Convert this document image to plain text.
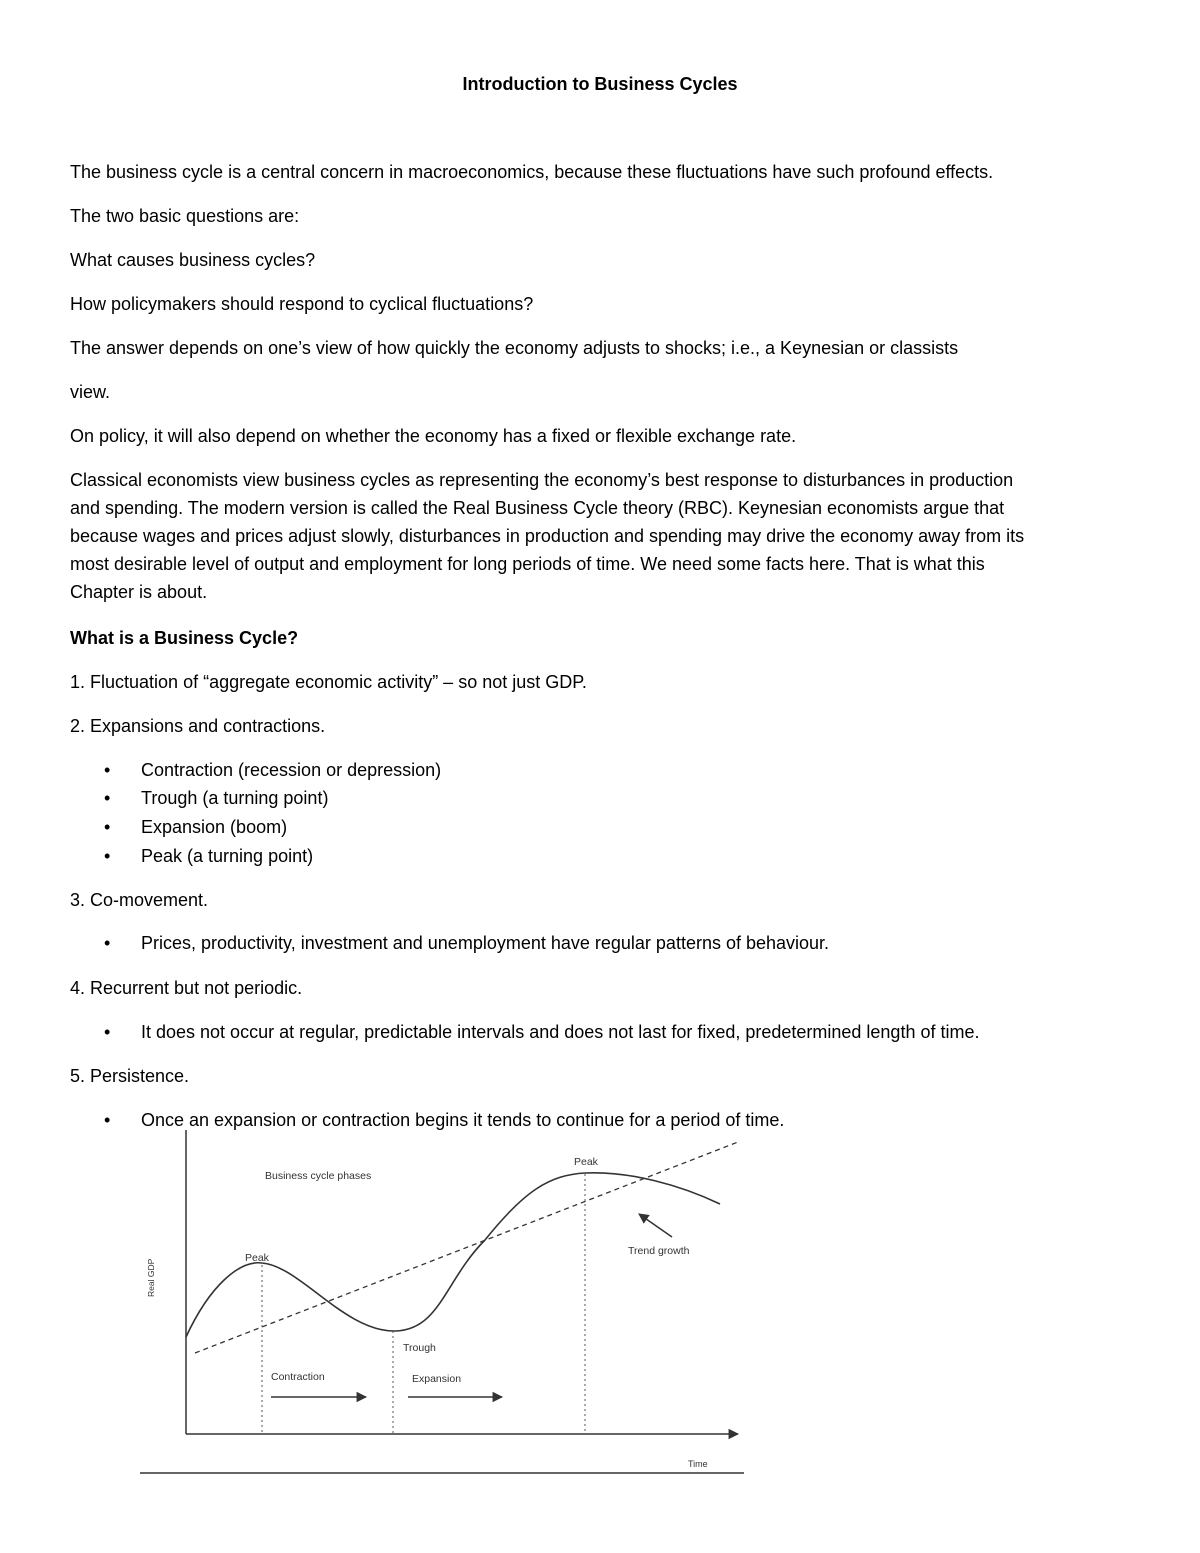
Introduction to Business Cycles

The business cycle is a central concern in macroeconomics, because these fluctuations have such profound effects.

The two basic questions are:

What causes business cycles?

How policymakers should respond to cyclical fluctuations?

The answer depends on one’s view of how quickly the economy adjusts to shocks; i.e., a Keynesian or classists

view.

On policy, it will also depend on whether the economy has a fixed or flexible exchange rate.

Classical economists view business cycles as representing the economy’s best response to disturbances in production
and spending. The modern version is called the Real Business Cycle theory (RBC). Keynesian economists argue that
because wages and prices adjust slowly, disturbances in production and spending may drive the economy away from its
most desirable level of output and employment for long periods of time. We need some facts here. That is what this
Chapter is about.

What is a Business Cycle?

1. Fluctuation of “aggregate economic activity” – so not just GDP.

2. Expansions and contractions.

• Contraction (recession or depression)
• Trough (a turning point)
• Expansion (boom)
• Peak (a turning point)

3. Co-movement.

• Prices, productivity, investment and unemployment have regular patterns of behaviour.

4. Recurrent but not periodic.

• It does not occur at regular, predictable intervals and does not last for fixed, predetermined length of time.

5. Persistence.

• Once an expansion or contraction begins it tends to continue for a period of time.
Business cycle phases
Peak
Peak
Trough
Trend growth
Contraction	Expansion
Real GDP
Time
